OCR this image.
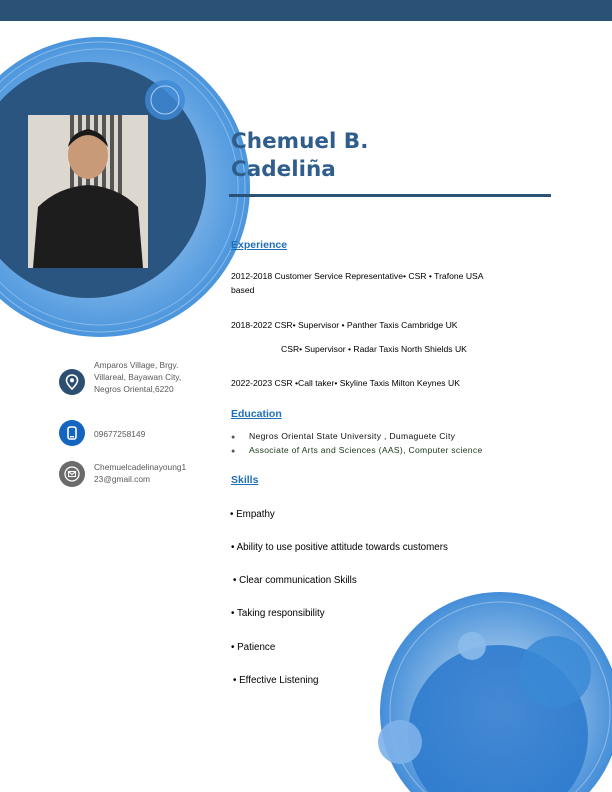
Chemuel B.
Cadeliña
Experience
2012-2018 Customer Service Representative• CSR • Trafone USA
based
2018-2022 CSR• Supervisor • Panther Taxis Cambridge UK
CSR• Supervisor • Radar Taxis North Shields UK
2022-2023 CSR •Call taker• Skyline Taxis Milton Keynes UK
Education
● Negros Oriental State University , Dumaguete City
● Associate of Arts and Sciences (AAS), Computer science
Skills
• Empathy
• Ability to use positive attitude towards customers
• Clear communication Skills
• Taking responsibility
• Patience
• Effective Listening
Amparos Village, Brgy.
Villareal, Bayawan City,
Negros Oriental,6220
09677258149
Chemuelcadelinayoung1
23@gmail.com
